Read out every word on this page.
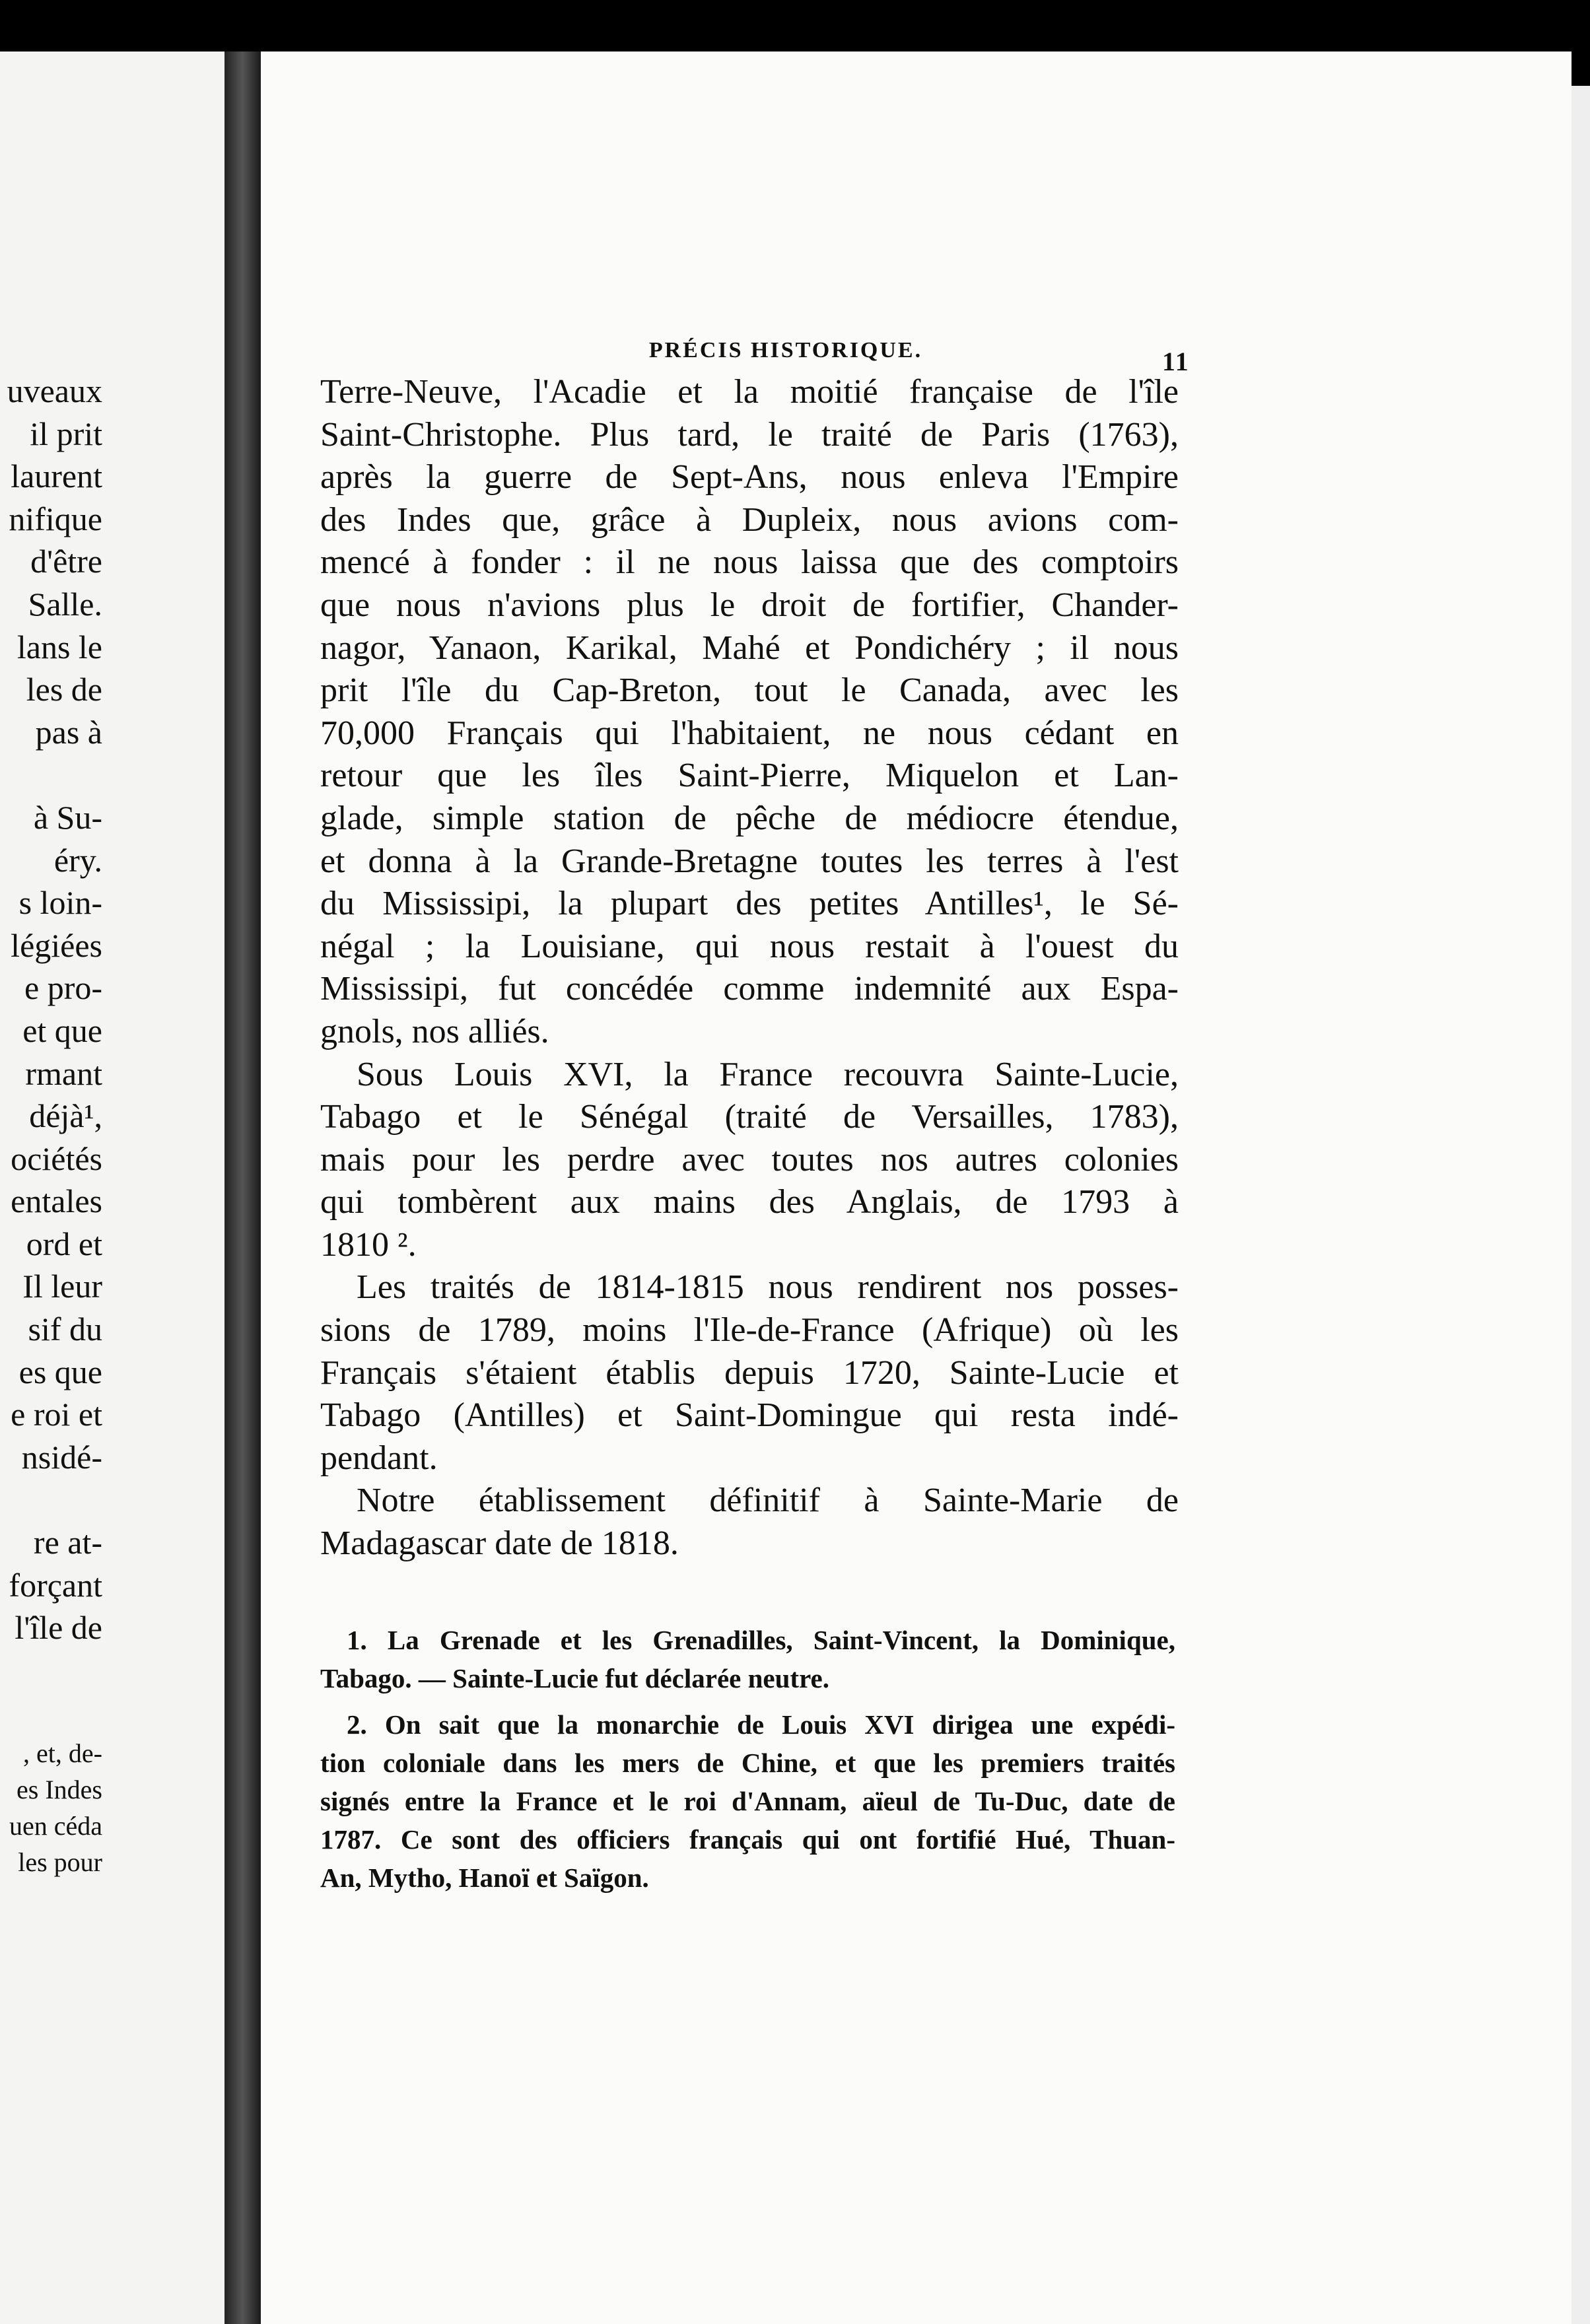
uveaux
il prit
laurent
nifique
d'être
Salle.
lans le
les de
pas à
à Su-
éry.
s loin-
légiées
e pro-
et que
rmant
déjà¹,
ociétés
entales
ord et
Il leur
sif du
es que
e roi et
nsidé-
re at-
forçant
l'île de
, et, de-
es Indes
uen céda
les pour
PRÉCIS HISTORIQUE.	11
Terre-Neuve, l'Acadie et la moitié française de l'île
Saint-Christophe. Plus tard, le traité de Paris (1763),
après la guerre de Sept-Ans, nous enleva l'Empire
des Indes que, grâce à Dupleix, nous avions com-
mencé à fonder : il ne nous laissa que des comptoirs
que nous n'avions plus le droit de fortifier, Chander-
nagor, Yanaon, Karikal, Mahé et Pondichéry ; il nous
prit l'île du Cap-Breton, tout le Canada, avec les
70,000 Français qui l'habitaient, ne nous cédant en
retour que les îles Saint-Pierre, Miquelon et Lan-
glade, simple station de pêche de médiocre étendue,
et donna à la Grande-Bretagne toutes les terres à l'est
du Mississipi, la plupart des petites Antilles¹, le Sé-
négal ; la Louisiane, qui nous restait à l'ouest du
Mississipi, fut concédée comme indemnité aux Espa-
gnols, nos alliés.
Sous Louis XVI, la France recouvra Sainte-Lucie,
Tabago et le Sénégal (traité de Versailles, 1783),
mais pour les perdre avec toutes nos autres colonies
qui tombèrent aux mains des Anglais, de 1793 à
1810 ².
Les traités de 1814-1815 nous rendirent nos posses-
sions de 1789, moins l'Ile-de-France (Afrique) où les
Français s'étaient établis depuis 1720, Sainte-Lucie et
Tabago (Antilles) et Saint-Domingue qui resta indé-
pendant.
Notre établissement définitif à Sainte-Marie de
Madagascar date de 1818.
1. La Grenade et les Grenadilles, Saint-Vincent, la Dominique,
Tabago. — Sainte-Lucie fut déclarée neutre.
2. On sait que la monarchie de Louis XVI dirigea une expédi-
tion coloniale dans les mers de Chine, et que les premiers traités
signés entre la France et le roi d'Annam, aïeul de Tu-Duc, date de
1787. Ce sont des officiers français qui ont fortifié Hué, Thuan-
An, Mytho, Hanoï et Saïgon.
